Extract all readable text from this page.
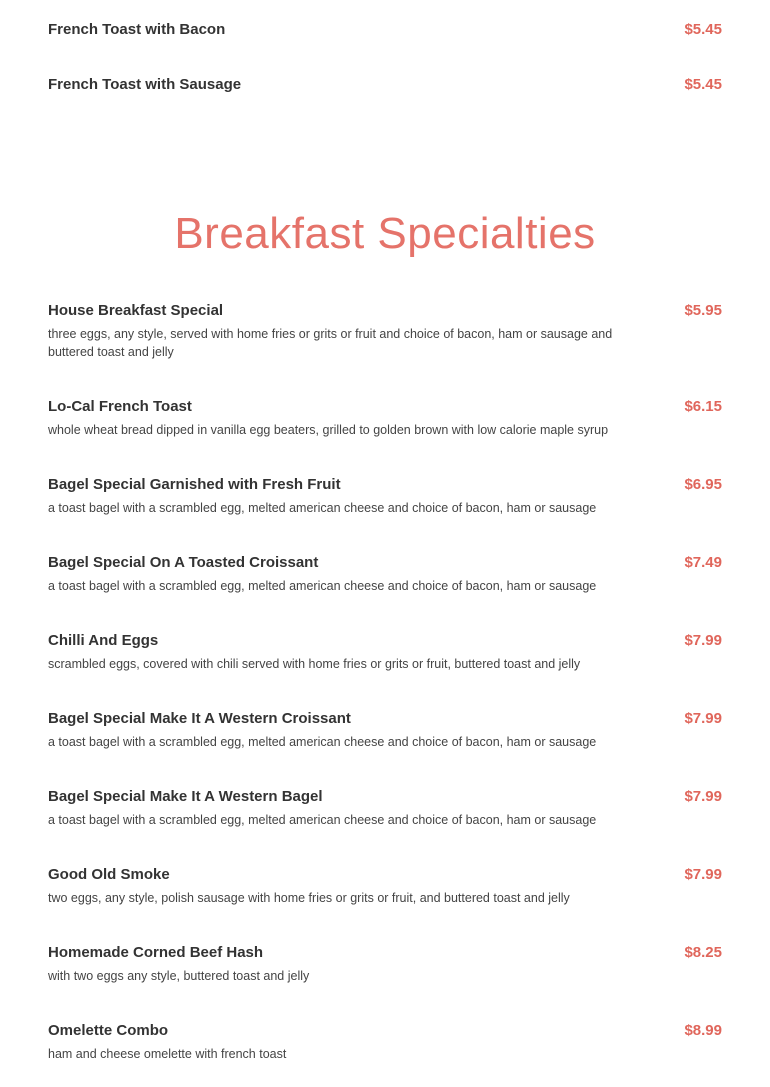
French Toast with Bacon	$5.45
French Toast with Sausage	$5.45
Breakfast Specialties
House Breakfast Special	$5.95
three eggs, any style, served with home fries or grits or fruit and choice of bacon, ham or sausage and buttered toast and jelly
Lo-Cal French Toast	$6.15
whole wheat bread dipped in vanilla egg beaters, grilled to golden brown with low calorie maple syrup
Bagel Special Garnished with Fresh Fruit	$6.95
a toast bagel with a scrambled egg, melted american cheese and choice of bacon, ham or sausage
Bagel Special On A Toasted Croissant	$7.49
a toast bagel with a scrambled egg, melted american cheese and choice of bacon, ham or sausage
Chilli And Eggs	$7.99
scrambled eggs, covered with chili served with home fries or grits or fruit, buttered toast and jelly
Bagel Special Make It A Western Croissant	$7.99
a toast bagel with a scrambled egg, melted american cheese and choice of bacon, ham or sausage
Bagel Special Make It A Western Bagel	$7.99
a toast bagel with a scrambled egg, melted american cheese and choice of bacon, ham or sausage
Good Old Smoke	$7.99
two eggs, any style, polish sausage with home fries or grits or fruit, and buttered toast and jelly
Homemade Corned Beef Hash	$8.25
with two eggs any style, buttered toast and jelly
Omelette Combo	$8.99
ham and cheese omelette with french toast
